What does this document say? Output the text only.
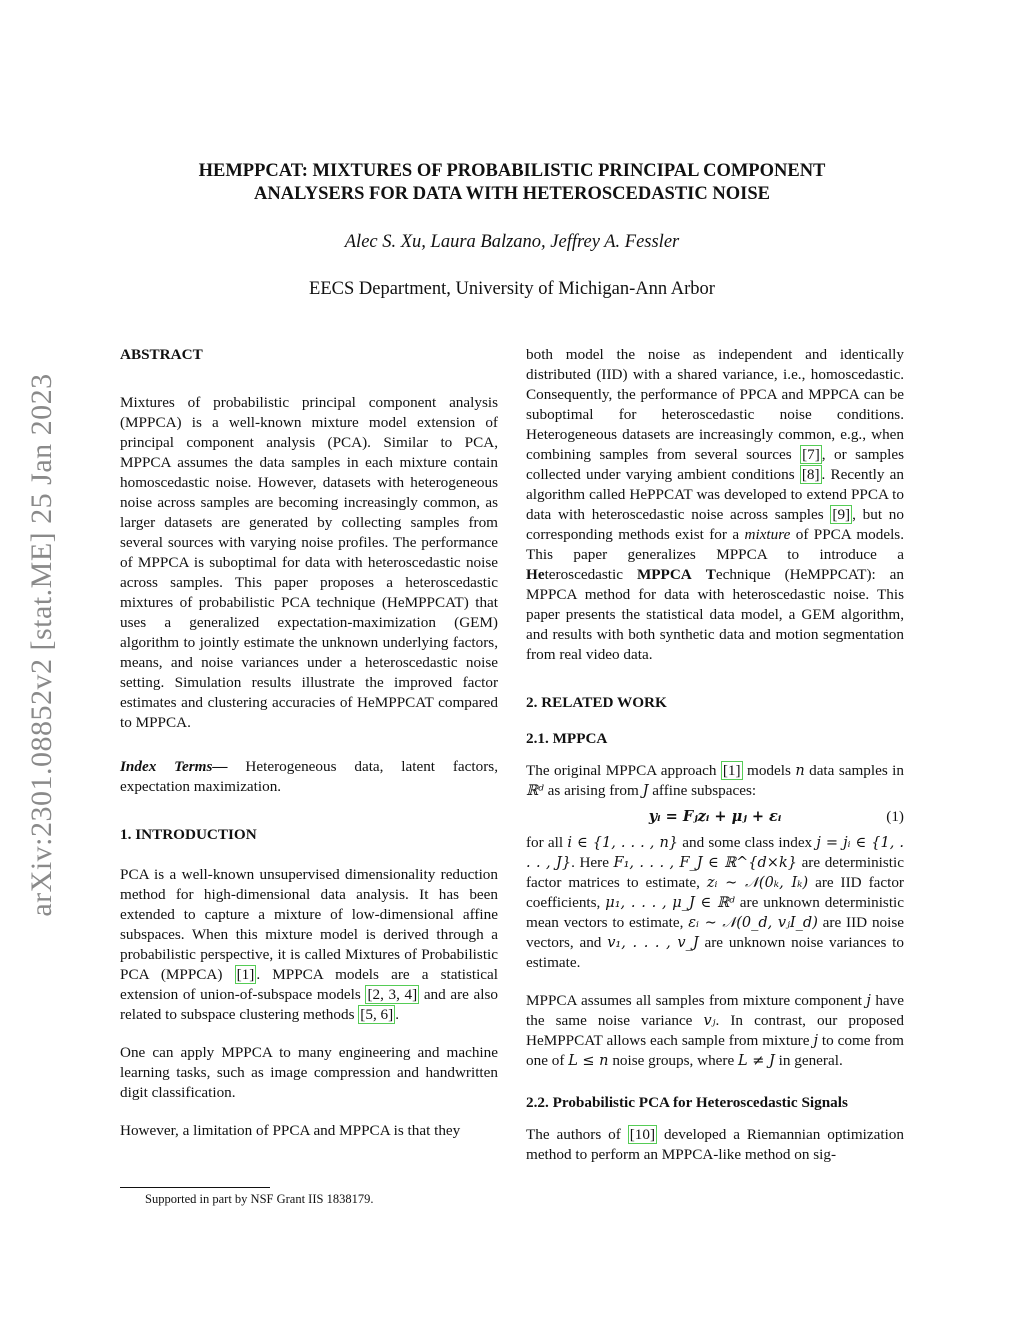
arXiv:2301.08852v2 [stat.ME] 25 Jan 2023
HEMPPCAT: MIXTURES OF PROBABILISTIC PRINCIPAL COMPONENT
ANALYSERS FOR DATA WITH HETEROSCEDASTIC NOISE
Alec S. Xu, Laura Balzano, Jeffrey A. Fessler
EECS Department, University of Michigan-Ann Arbor

ABSTRACT

Mixtures of probabilistic principal component analysis (MPPCA) is a well-known mixture model extension of principal component analysis (PCA). Similar to PCA, MPPCA assumes the data samples in each mixture contain homoscedastic noise. However, datasets with heterogeneous noise across samples are becoming increasingly common, as larger datasets are generated by collecting samples from several sources with varying noise profiles. The performance of MPPCA is suboptimal for data with heteroscedastic noise across samples. This paper proposes a heteroscedastic mixtures of probabilistic PCA technique (HeMPPCAT) that uses a generalized expectation-maximization (GEM) algorithm to jointly estimate the unknown underlying factors, means, and noise variances under a heteroscedastic noise setting. Simulation results illustrate the improved factor estimates and clustering accuracies of HeMPPCAT compared to MPPCA.

Index Terms— Heterogeneous data, latent factors, expectation maximization.

1. INTRODUCTION

PCA is a well-known unsupervised dimensionality reduction method for high-dimensional data analysis. It has been extended to capture a mixture of low-dimensional affine subspaces. When this mixture model is derived through a probabilistic perspective, it is called Mixtures of Probabilistic PCA (MPPCA) [1] . MPPCA models are a statistical extension of union-of-subspace models [2, 3, 4] and are also related to subspace clustering methods [5, 6] .

One can apply MPPCA to many engineering and machine learning tasks, such as image compression and handwritten digit classification.

However, a limitation of PPCA and MPPCA is that they

Supported in part by NSF Grant IIS 1838179.

both model the noise as independent and identically distributed (IID) with a shared variance, i.e., homoscedastic. Consequently, the performance of PPCA and MPPCA can be suboptimal for heteroscedastic noise conditions. Heterogeneous datasets are increasingly common, e.g., when combining samples from several sources [7] , or samples collected under varying ambient conditions [8] . Recently an algorithm called HePPCAT was developed to extend PPCA to data with heteroscedastic noise across samples [9] , but no corresponding methods exist for a mixture of PPCA models. This paper generalizes MPPCA to introduce a Heteroscedastic MPPCA Technique (HeMPPCAT): an MPPCA method for data with heteroscedastic noise. This paper presents the statistical data model, a GEM algorithm, and results with both synthetic data and motion segmentation from real video data.

2. RELATED WORK

2.1. MPPCA

The original MPPCA approach [1] models n data samples in ℝᵈ as arising from J affine subspaces:

yᵢ = Fⱼzᵢ + μⱼ + εᵢ	(1)

for all i ∈ {1, . . . , n} and some class index j = jᵢ ∈ {1, . . . , J}. Here F₁, . . . , F_J ∈ ℝ^{d×k} are deterministic factor matrices to estimate, zᵢ ∼ 𝒩(0ₖ, Iₖ) are IID factor coefficients, μ₁, . . . , μ_J ∈ ℝᵈ are unknown deterministic mean vectors to estimate, εᵢ ∼ 𝒩(0_d, vⱼI_d) are IID noise vectors, and v₁, . . . , v_J are unknown noise variances to estimate.

MPPCA assumes all samples from mixture component j have the same noise variance vⱼ. In contrast, our proposed HeMPPCAT allows each sample from mixture j to come from one of L ≤ n noise groups, where L ≠ J in general.

2.2. Probabilistic PCA for Heteroscedastic Signals

The authors of [10] developed a Riemannian optimization method to perform an MPPCA-like method on sig-
